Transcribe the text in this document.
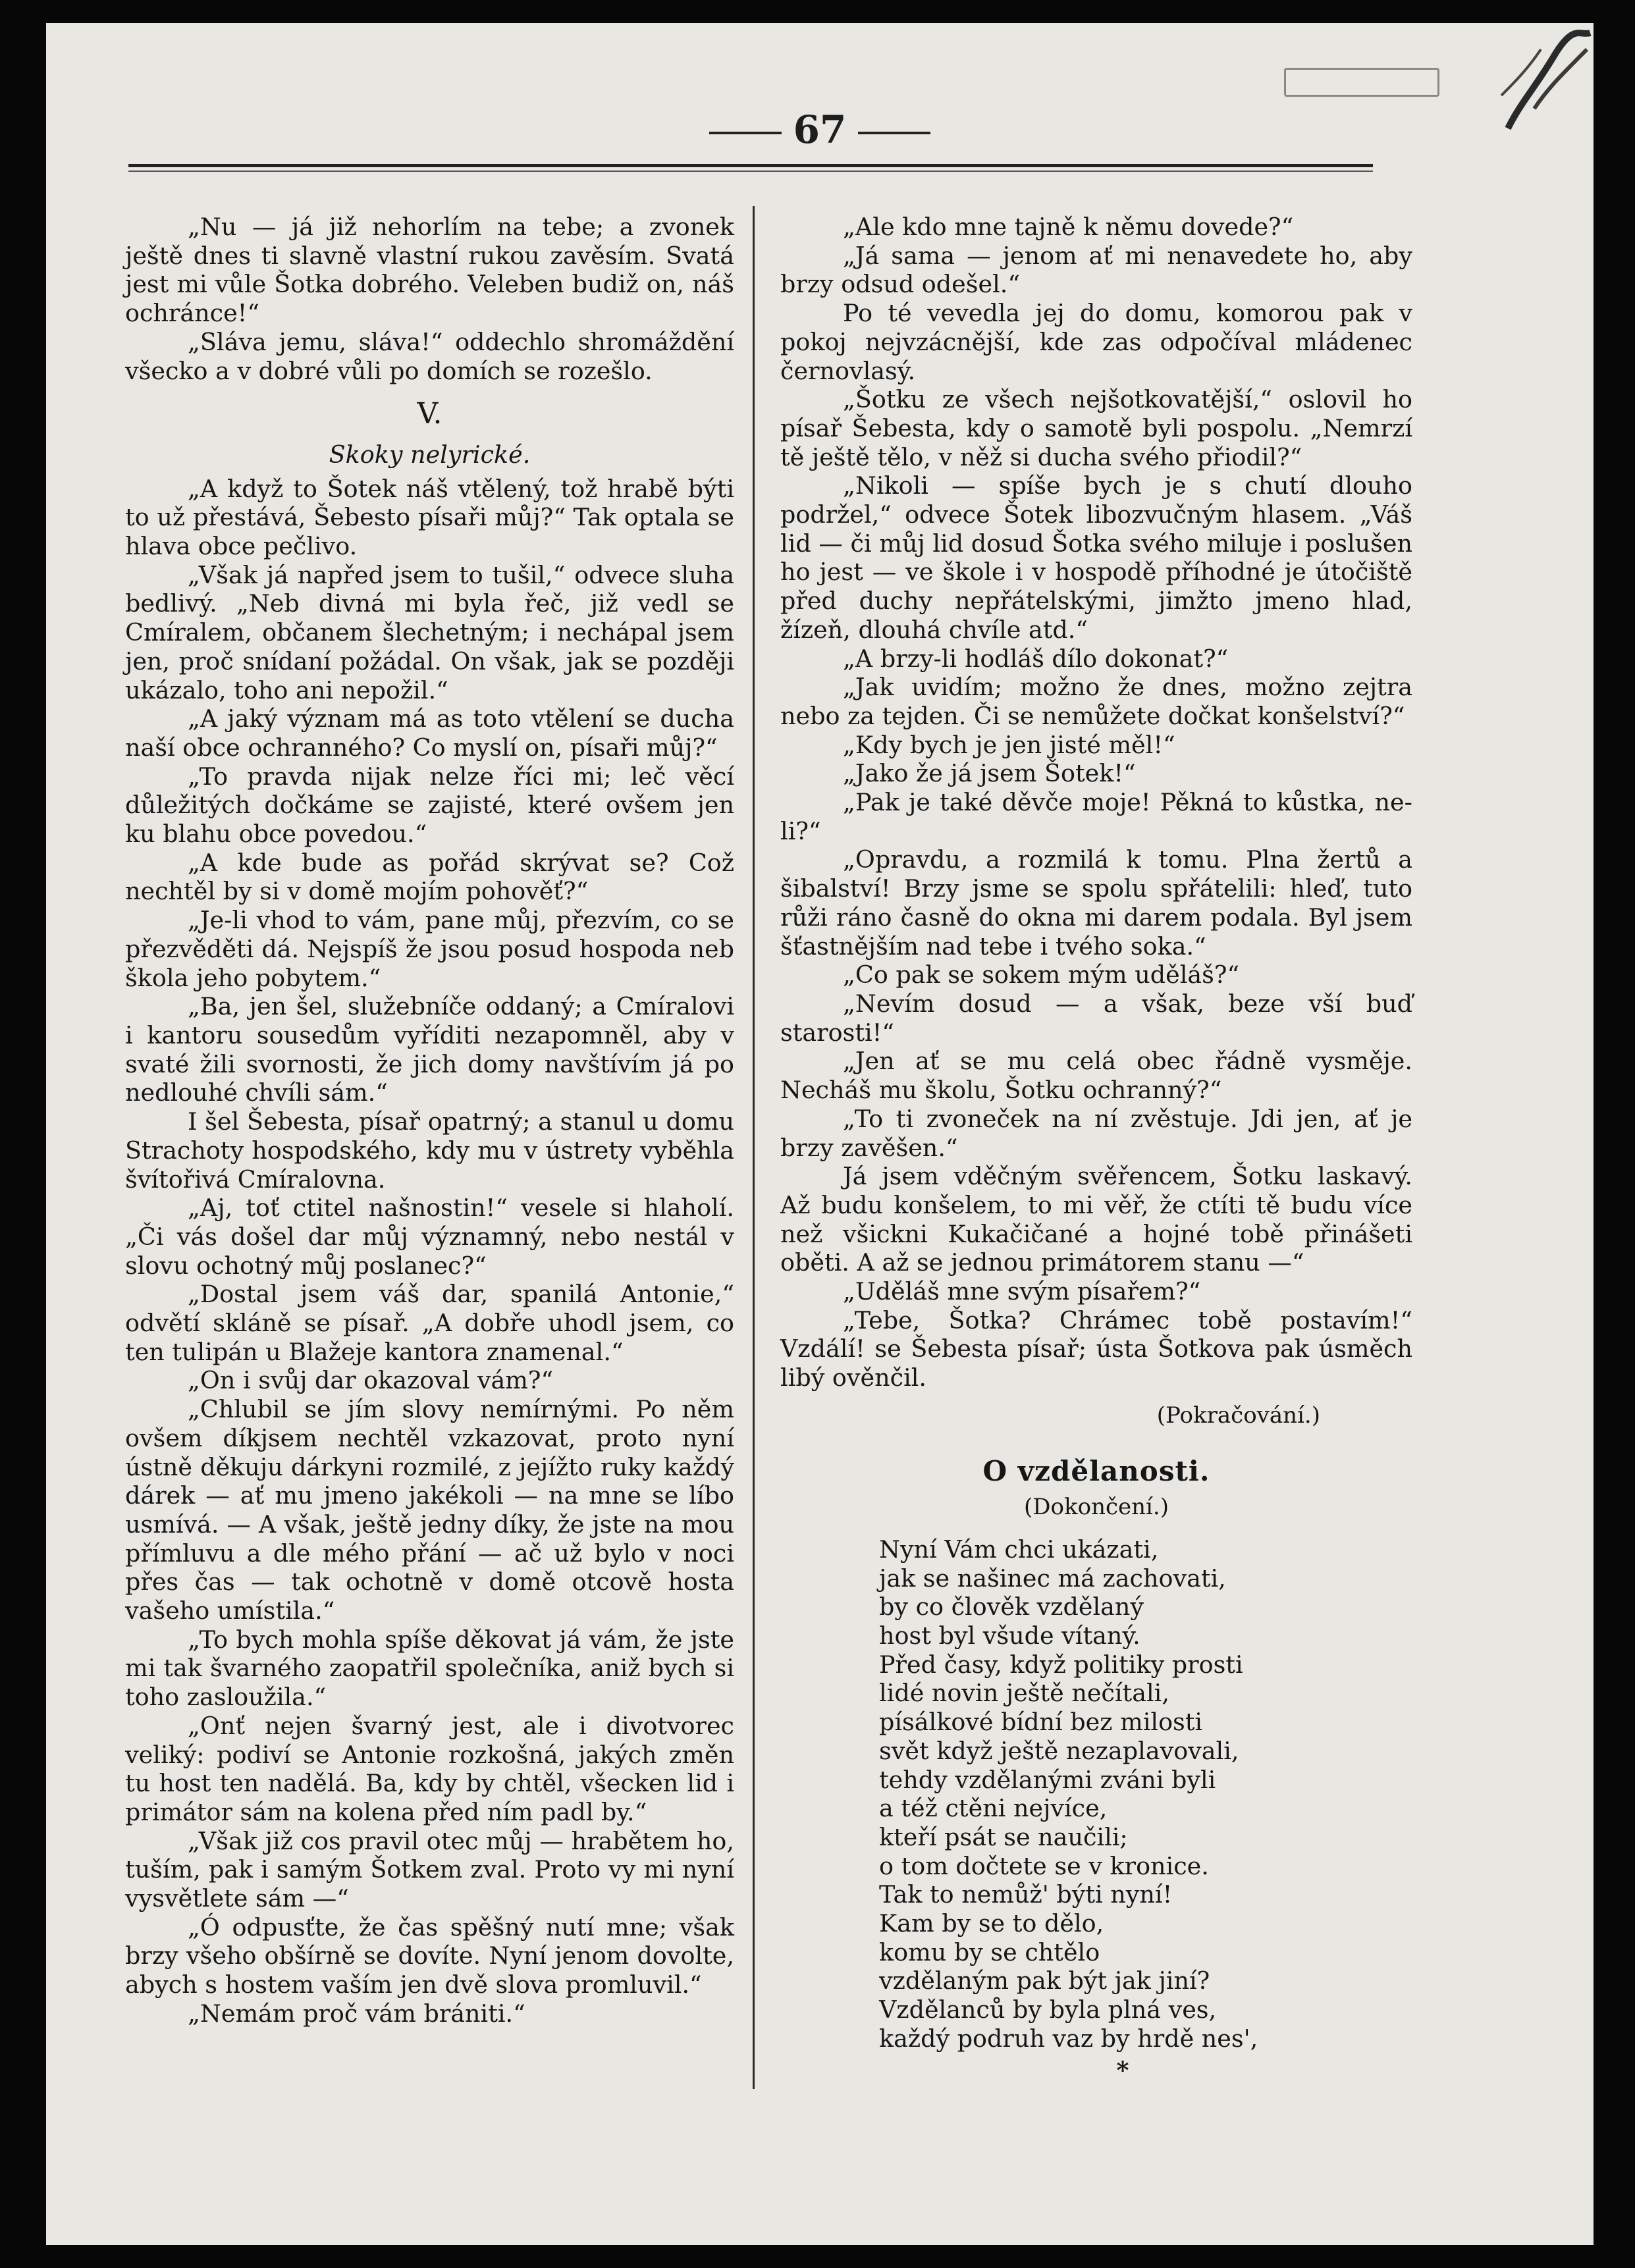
67

„Nu — já již nehorlím na tebe; a zvonek ještě dnes ti slavně vlastní rukou zavěsím. Svatá jest mi vůle Šotka dobrého. Veleben budiž on, náš ochránce!“

„Sláva jemu, sláva!“ oddechlo shromáždění všecko a v dobré vůli po domích se rozešlo.

V.

Skoky nelyrické.

„A když to Šotek náš vtělený, tož hrabě býti to už přestává, Šebesto písaři můj?“ Tak optala se hlava obce pečlivo.

„Však já napřed jsem to tušil,“ odvece sluha bedlivý. „Neb divná mi byla řeč, již vedl se Cmíralem, občanem šlechetným; i nechápal jsem jen, proč snídaní požádal. On však, jak se později ukázalo, toho ani nepožil.“

„A jaký význam má as toto vtělení se ducha naší obce ochranného? Co myslí on, písaři můj?“

„To pravda nijak nelze říci mi; leč věcí důležitých dočkáme se zajisté, které ovšem jen ku blahu obce povedou.“

„A kde bude as pořád skrývat se? Což nechtěl by si v domě mojím pohověť?“

„Je-li vhod to vám, pane můj, přezvím, co se přezvěděti dá. Nejspíš že jsou posud hospoda neb škola jeho pobytem.“

„Ba, jen šel, služebníče oddaný; a Cmíralovi i kantoru sousedům vyříditi nezapomněl, aby v svaté žili svornosti, že jich domy navštívím já po nedlouhé chvíli sám.“

I šel Šebesta, písař opatrný; a stanul u domu Strachoty hospodského, kdy mu v ústrety vyběhla švítořivá Cmíralovna.

„Aj, toť ctitel našnostin!“ vesele si hlaholí. „Či vás došel dar můj významný, nebo nestál v slovu ochotný můj poslanec?“

„Dostal jsem váš dar, spanilá Antonie,“ odvětí skláně se písař. „A dobře uhodl jsem, co ten tulipán u Blažeje kantora znamenal.“

„On i svůj dar okazoval vám?“

„Chlubil se jím slovy nemírnými. Po něm ovšem díkjsem nechtěl vzkazovat, proto nyní ústně děkuju dárkyni rozmilé, z jejížto ruky každý dárek — ať mu jmeno jakékoli — na mne se líbo usmívá. — A však, ještě jedny díky, že jste na mou přímluvu a dle mého přání — ač už bylo v noci přes čas — tak ochotně v domě otcově hosta vašeho umístila.“

„To bych mohla spíše děkovat já vám, že jste mi tak švarného zaopatřil společníka, aniž bych si toho zasloužila.“

„Onť nejen švarný jest, ale i divotvorec veliký: podiví se Antonie rozkošná, jakých změn tu host ten nadělá. Ba, kdy by chtěl, všecken lid i primátor sám na kolena před ním padl by.“

„Však již cos pravil otec můj — hrabětem ho, tuším, pak i samým Šotkem zval. Proto vy mi nyní vysvětlete sám —“

„Ó odpusťte, že čas spěšný nutí mne; však brzy všeho obšírně se dovíte. Nyní jenom dovolte, abych s hostem vaším jen dvě slova promluvil.“

„Nemám proč vám brániti.“

„Ale kdo mne tajně k němu dovede?“

„Já sama — jenom ať mi nenavedete ho, aby brzy odsud odešel.“

Po té vevedla jej do domu, komorou pak v pokoj nejvzácnější, kde zas odpočíval mládenec černovlasý.

„Šotku ze všech nejšotkovatější,“ oslovil ho písař Šebesta, kdy o samotě byli pospolu. „Nemrzí tě ještě tělo, v něž si ducha svého přiodil?“

„Nikoli — spíše bych je s chutí dlouho podržel,“ odvece Šotek libozvučným hlasem. „Váš lid — či můj lid dosud Šotka svého miluje i poslušen ho jest — ve škole i v hospodě příhodné je útočiště před duchy nepřátelskými, jimžto jmeno hlad, žízeň, dlouhá chvíle atd.“

„A brzy-li hodláš dílo dokonat?“

„Jak uvidím; možno že dnes, možno zejtra nebo za tejden. Či se nemůžete dočkat konšelství?“

„Kdy bych je jen jisté měl!“

„Jako že já jsem Šotek!“

„Pak je také děvče moje! Pěkná to kůstka, ne-li?“

„Opravdu, a rozmilá k tomu. Plna žertů a šibalství! Brzy jsme se spolu spřátelili: hleď, tuto růži ráno časně do okna mi darem podala. Byl jsem šťastnějším nad tebe i tvého soka.“

„Co pak se sokem mým uděláš?“

„Nevím dosud — a však, beze vší buď starosti!“

„Jen ať se mu celá obec řádně vysměje. Necháš mu školu, Šotku ochranný?“

„To ti zvoneček na ní zvěstuje. Jdi jen, ať je brzy zavěšen.“

Já jsem vděčným svěřencem, Šotku laskavý. Až budu konšelem, to mi věř, že ctíti tě budu více než všickni Kukačičané a hojné tobě přinášeti oběti. A až se jednou primátorem stanu —“

„Uděláš mne svým písařem?“

„Tebe, Šotka? Chrámec tobě postavím!“ Vzdálí! se Šebesta písař; ústa Šotkova pak úsměch libý ověnčil.

(Pokračování.)

O vzdělanosti.

(Dokončení.)

Nyní Vám chci ukázati,

jak se našinec má zachovati,

by co člověk vzdělaný

host byl všude vítaný.

Před časy, když politiky prosti

lidé novin ještě nečítali,

písálkové bídní bez milosti

svět když ještě nezaplavovali,

tehdy vzdělanými zváni byli

a též ctěni nejvíce,

kteří psát se naučili;

o tom dočtete se v kronice.

Tak to nemůž' býti nyní!

Kam by se to dělo,

komu by se chtělo

vzdělaným pak být jak jiní?

Vzdělanců by byla plná ves,

každý podruh vaz by hrdě nes',

*
